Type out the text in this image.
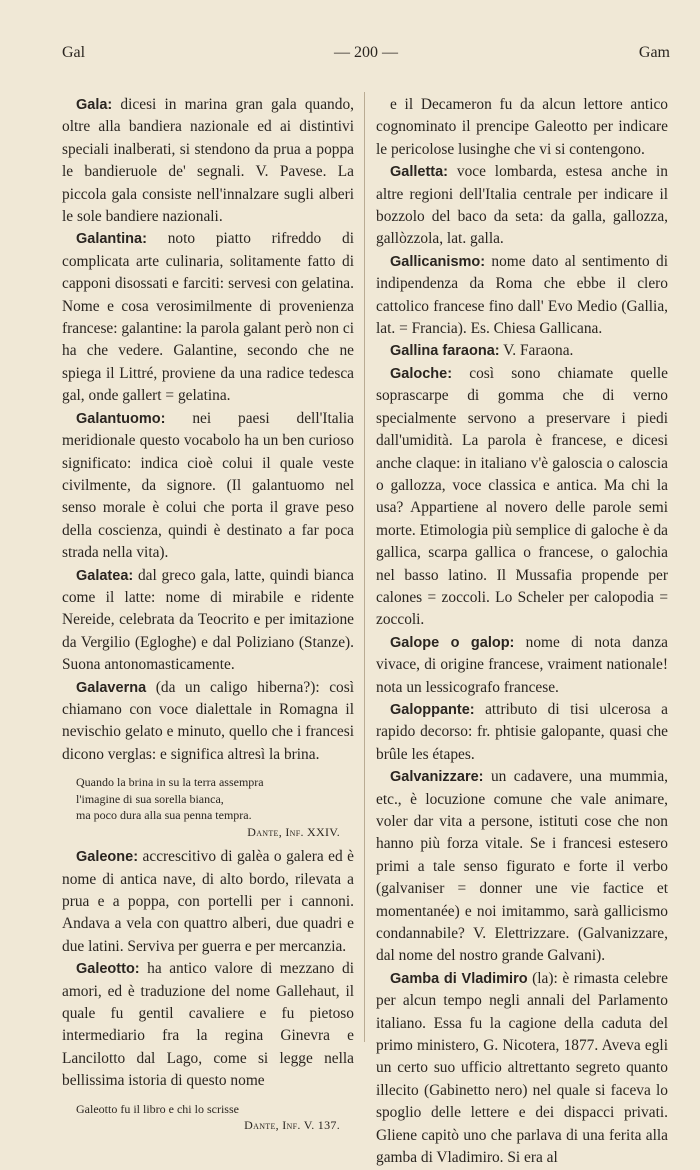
Gal	— 200 —	Gam

Gala: dicesi in marina gran gala quando, oltre alla bandiera nazionale ed ai distintivi speciali inalberati, si stendono da prua a poppa le bandieruole de' segnali. V. Pavese. La piccola gala consiste nell'innalzare sugli alberi le sole bandiere nazionali.

Galantina: noto piatto rifreddo di complicata arte culinaria, solitamente fatto di capponi disossati e farciti: servesi con gelatina. Nome e cosa verosimilmente di provenienza francese: galantine: la parola galant però non ci ha che vedere. Galantine, secondo che ne spiega il Littré, proviene da una radice tedesca gal, onde gallert = gelatina.

Galantuomo: nei paesi dell'Italia meridionale questo vocabolo ha un ben curioso significato: indica cioè colui il quale veste civilmente, da signore. (Il galantuomo nel senso morale è colui che porta il grave peso della coscienza, quindi è destinato a far poca strada nella vita).

Galatea: dal greco gala, latte, quindi bianca come il latte: nome di mirabile e ridente Nereide, celebrata da Teocrito e per imitazione da Vergilio (Egloghe) e dal Poliziano (Stanze). Suona antonomasticamente.

Galaverna (da un caligo hiberna?): così chiamano con voce dialettale in Romagna il nevischio gelato e minuto, quello che i francesi dicono verglas: e significa altresì la brina.

Quando la brina in su la terra assempra
l'imagine di sua sorella bianca,
ma poco dura alla sua penna tempra.
Dante, Inf. XXIV.

Galeone: accrescitivo di galèa o galera ed è nome di antica nave, di alto bordo, rilevata a prua e a poppa, con portelli per i cannoni. Andava a vela con quattro alberi, due quadri e due latini. Serviva per guerra e per mercanzia.

Galeotto: ha antico valore di mezzano di amori, ed è traduzione del nome Gallehaut, il quale fu gentil cavaliere e fu pietoso intermediario fra la regina Ginevra e Lancilotto dal Lago, come si legge nella bellissima istoria di questo nome

Galeotto fu il libro e chi lo scrisse
Dante, Inf. V. 137.

e il Decameron fu da alcun lettore antico cognominato il prencipe Galeotto per indicare le pericolose lusinghe che vi si contengono.

Galletta: voce lombarda, estesa anche in altre regioni dell'Italia centrale per indicare il bozzolo del baco da seta: da galla, gallozza, gallòzzola, lat. galla.

Gallicanismo: nome dato al sentimento di indipendenza da Roma che ebbe il clero cattolico francese fino dall' Evo Medio (Gallia, lat. = Francia). Es. Chiesa Gallicana.

Gallina faraona: V. Faraona.

Galoche: così sono chiamate quelle soprascarpe di gomma che di verno specialmente servono a preservare i piedi dall'umidità. La parola è francese, e dicesi anche claque: in italiano v'è galoscia o caloscia o gallozza, voce classica e antica. Ma chi la usa? Appartiene al novero delle parole semi morte. Etimologia più semplice di galoche è da gallica, scarpa gallica o francese, o galochia nel basso latino. Il Mussafia propende per calones = zoccoli. Lo Scheler per calopodia = zoccoli.

Galope o galop: nome di nota danza vivace, di origine francese, vraiment nationale! nota un lessicografo francese.

Galoppante: attributo di tisi ulcerosa a rapido decorso: fr. phtisie galopante, quasi che brûle les étapes.

Galvanizzare: un cadavere, una mummia, etc., è locuzione comune che vale animare, voler dar vita a persone, istituti cose che non hanno più forza vitale. Se i francesi estesero primi a tale senso figurato e forte il verbo (galvaniser = donner une vie factice et momentanée) e noi imitammo, sarà gallicismo condannabile? V. Elettrizzare. (Galvanizzare, dal nome del nostro grande Galvani).

Gamba di Vladimiro (la): è rimasta celebre per alcun tempo negli annali del Parlamento italiano. Essa fu la cagione della caduta del primo ministero, G. Nicotera, 1877. Aveva egli un certo suo ufficio altrettanto segreto quanto illecito (Gabinetto nero) nel quale si faceva lo spoglio delle lettere e dei dispacci privati. Gliene capitò uno che parlava di una ferita alla gamba di Vladimiro. Si era al
